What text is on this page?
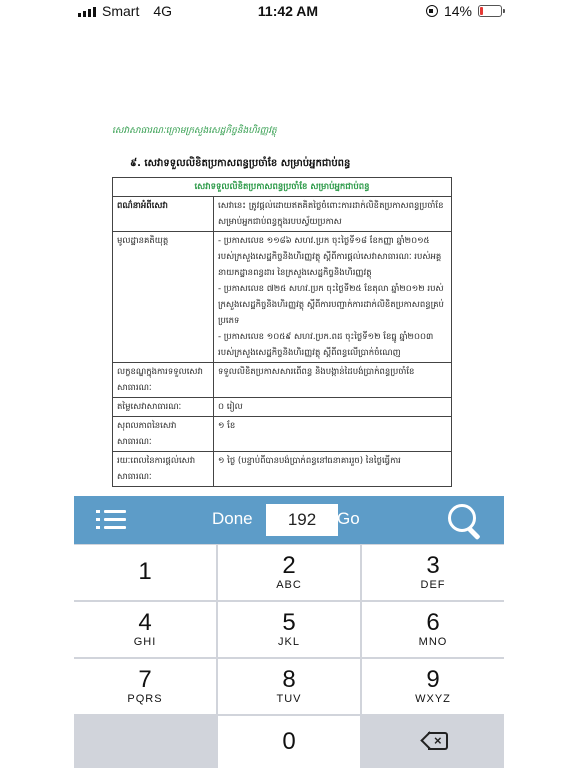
Smart 4G	11:42 AM	14%
សេវាសាធារណៈក្រោមក្រសួងសេដ្ឋកិច្ចនិងហិរញ្ញវត្ថុ
៩. សេវាទទួលលិខិតប្រកាសពន្ធប្រចាំខែ សម្រាប់អ្នកជាប់ពន្ធ
សេវាទទួលលិខិតប្រកាសពន្ធប្រចាំខែ សម្រាប់អ្នកជាប់ពន្ធ	
ពណ៌នាអំពីសេវា	សេវានេះ ត្រូវផ្ដល់ដោយឥតគិតថ្លៃចំពោះការដាក់លិខិតប្រកាសពន្ធប្រចាំខែ សម្រាប់អ្នកជាប់ពន្ធក្នុងរបបស្វ័យប្រកាស
មូលដ្ឋានគតិយុត្ត	- ប្រកាសលេខ ១១៨៦ សហវ.ប្រក ចុះថ្ងៃទី១៨ ខែកញ្ញា ឆ្នាំ២០១៥ របស់ក្រសួងសេដ្ឋកិច្ចនិងហិរញ្ញវត្ថុ ស្ដីពីការផ្ដល់សេវាសាធារណៈ របស់អគ្គនាយកដ្ឋានពន្ធដារ នៃក្រសួងសេដ្ឋកិច្ចនិងហិរញ្ញវត្ថុ

- ប្រកាសលេខ ៧២៥ សហវ.ប្រក ចុះថ្ងៃទី២៥ ខែតុលា ឆ្នាំ២០១២ របស់ក្រសួងសេដ្ឋកិច្ចនិងហិរញ្ញវត្ថុ ស្ដីពីការបញ្ជាក់ការដាក់លិខិតប្រកាសពន្ធគ្រប់ប្រភេទ

- ប្រកាសលេខ ១០៥៩ សហវ.ប្រក.ពដ ចុះថ្ងៃទី១២ ខែធ្នូ ឆ្នាំ២០០៣ របស់ក្រសួងសេដ្ឋកិច្ចនិងហិរញ្ញវត្ថុ ស្ដីពីពន្ធលើប្រាក់ចំណេញ

លក្ខខណ្ឌក្នុងការទទួលសេវាសាធារណៈ	ទទួលលិខិតប្រកាសសារពើពន្ធ និងបង្កាន់ដៃបង់ប្រាក់ពន្ធប្រចាំខែ
តម្លៃសេវាសាធារណៈ	០ រៀល
សុពលភាពនៃសេវាសាធារណៈ	១ ខែ
រយៈពេលនៃការផ្ដល់សេវាសាធារណៈ	១ ថ្ងៃ (បន្ទាប់ពីបានបង់ប្រាក់ពន្ធនៅធនាគាររួច) នៃថ្ងៃធ្វើការ
Done
192	Go
1	2
ABC
3
DEF
4
GHI
5
JKL
6
MNO
7
PQRS
8
TUV
9
WXYZ
0	×
